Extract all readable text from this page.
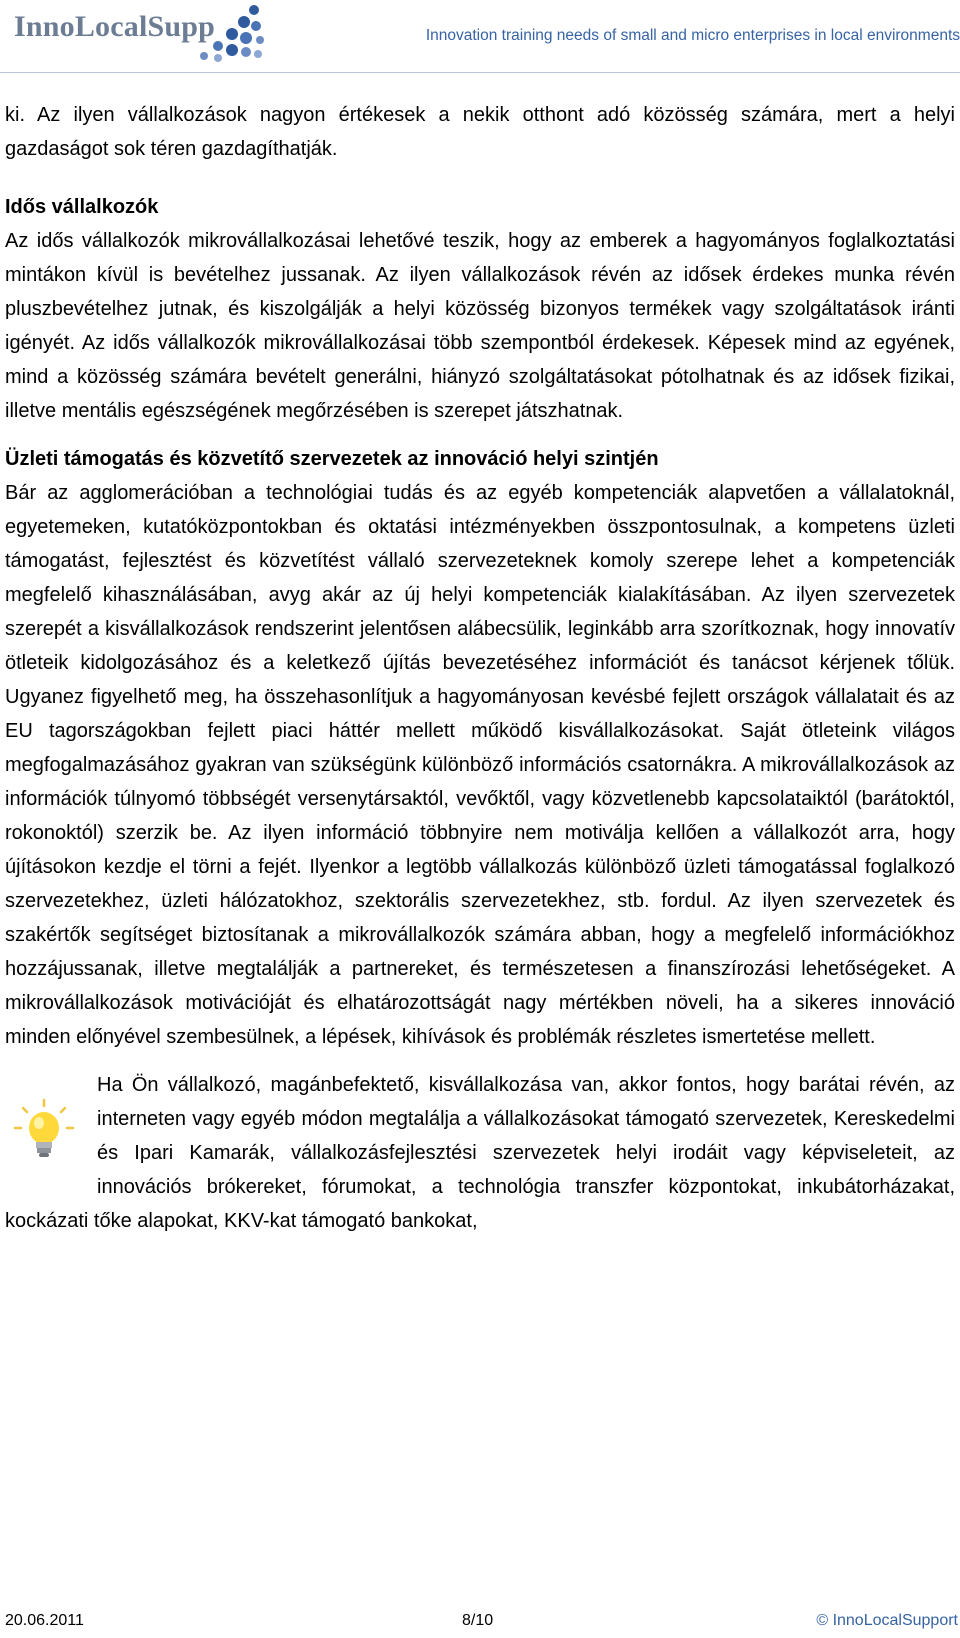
InnoLocalSupp	Innovation training needs of small and micro enterprises in local environments

ki. Az ilyen vállalkozások nagyon értékesek a nekik otthont adó közösség számára, mert a helyi gazdaságot sok téren gazdagíthatják.

Idős vállalkozók

Az idős vállalkozók mikrovállalkozásai lehetővé teszik, hogy az emberek a hagyományos foglalkoztatási mintákon kívül is bevételhez jussanak. Az ilyen vállalkozások révén az idősek érdekes munka révén pluszbevételhez jutnak, és kiszolgálják a helyi közösség bizonyos termékek vagy szolgáltatások iránti igényét. Az idős vállalkozók mikrovállalkozásai több szempontból érdekesek. Képesek mind az egyének, mind a közösség számára bevételt generálni, hiányzó szolgáltatásokat pótolhatnak és az idősek fizikai, illetve mentális egészségének megőrzésében is szerepet játszhatnak.

Üzleti támogatás és közvetítő szervezetek az innováció helyi szintjén

Bár az agglomerációban a technológiai tudás és az egyéb kompetenciák alapvetően a vállalatoknál, egyetemeken, kutatóközpontokban és oktatási intézményekben összpontosulnak, a kompetens üzleti támogatást, fejlesztést és közvetítést vállaló szervezeteknek komoly szerepe lehet a kompetenciák megfelelő kihasználásában, avyg akár az új helyi kompetenciák kialakításában. Az ilyen szervezetek szerepét a kisvállalkozások rendszerint jelentősen alábecsülik, leginkább arra szorítkoznak, hogy innovatív ötleteik kidolgozásához és a keletkező újítás bevezetéséhez információt és tanácsot kérjenek tőlük. Ugyanez figyelhető meg, ha összehasonlítjuk a hagyományosan kevésbé fejlett országok vállalatait és az EU tagországokban fejlett piaci háttér mellett működő kisvállalkozásokat. Saját ötleteink világos megfogalmazásához gyakran van szükségünk különböző információs csatornákra. A mikrovállalkozások az információk túlnyomó többségét versenytársaktól, vevőktől, vagy közvetlenebb kapcsolataiktól (barátoktól, rokonoktól) szerzik be. Az ilyen információ többnyire nem motiválja kellően a vállalkozót arra, hogy újításokon kezdje el törni a fejét. Ilyenkor a legtöbb vállalkozás különböző üzleti támogatással foglalkozó szervezetekhez, üzleti hálózatokhoz, szektorális szervezetekhez, stb. fordul. Az ilyen szervezetek és szakértők segítséget biztosítanak a mikrovállalkozók számára abban, hogy a megfelelő információkhoz hozzájussanak, illetve megtalálják a partnereket, és természetesen a finanszírozási lehetőségeket. A mikrovállalkozások motivációját és elhatározottságát nagy mértékben növeli, ha a sikeres innováció minden előnyével szembesülnek, a lépések, kihívások és problémák részletes ismertetése mellett.

Ha Ön vállalkozó, magánbefektető, kisvállalkozása van, akkor fontos, hogy barátai révén, az interneten vagy egyéb módon megtalálja a vállalkozásokat támogató szervezetek, Kereskedelmi és Ipari Kamarák, vállalkozásfejlesztési szervezetek helyi irodáit vagy képviseleteit, az innovációs brókereket, fórumokat, a technológia transzfer központokat, inkubátorházakat, kockázati tőke alapokat, KKV-kat támogató bankokat,

20.06.2011	8/10	© InnoLocalSupport
